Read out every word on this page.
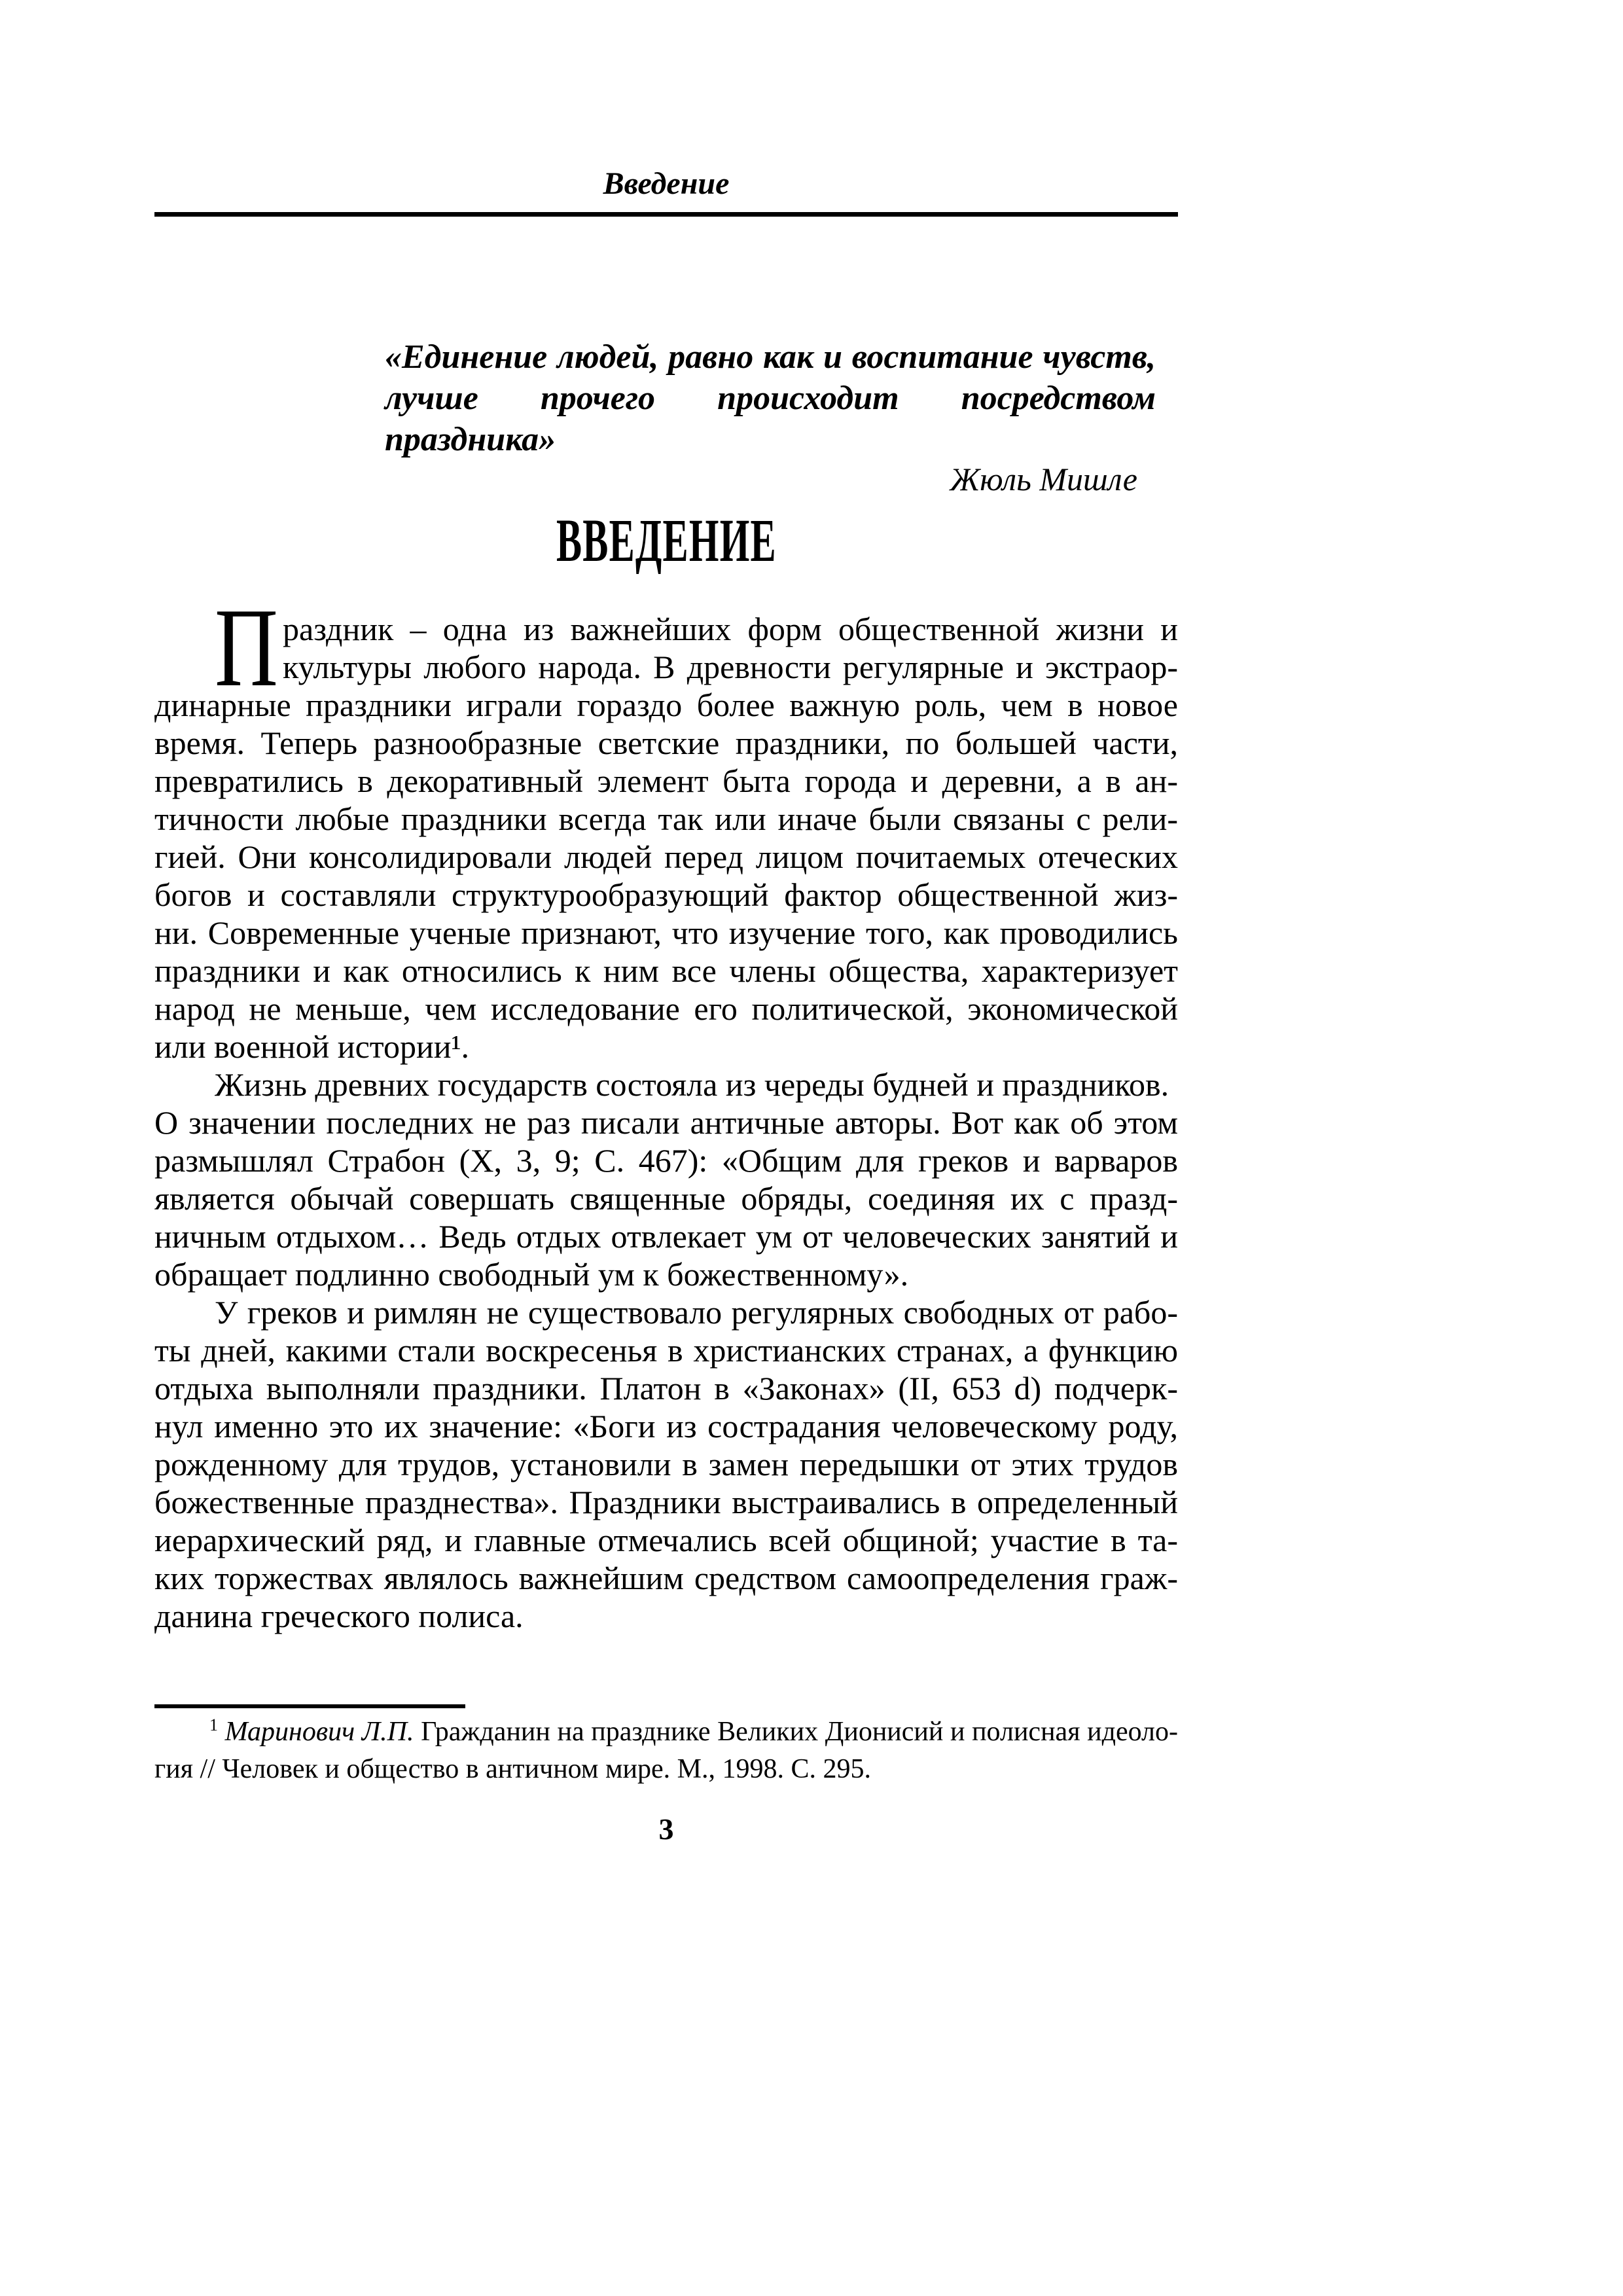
Введение
«Единение людей, равно как и воспитание чувств,
лучше прочего происходит посредством праздника»
Жюль Мишле
ВВЕДЕНИЕ
П раздник – одна из важнейших форм общественной жизни и
культуры любого народа. В древности регулярные и экстраор-
динарные праздники играли гораздо более важную роль, чем в новое
время. Теперь разнообразные светские праздники, по большей части,
превратились в декоративный элемент быта города и деревни, а в ан-
тичности любые праздники всегда так или иначе были связаны с рели-
гией. Они консолидировали людей перед лицом почитаемых отеческих
богов и составляли структурообразующий фактор общественной жиз-
ни. Современные ученые признают, что изучение того, как проводились
праздники и как относились к ним все члены общества, характеризует
народ не меньше, чем исследование его политической, экономической
или военной истории¹.
Жизнь древних государств состояла из череды будней и праздников.
О значении последних не раз писали античные авторы. Вот как об этом
размышлял Страбон (X, 3, 9; С. 467): «Общим для греков и варваров
является обычай совершать священные обряды, соединяя их с празд-
ничным отдыхом… Ведь отдых отвлекает ум от человеческих занятий и
обращает подлинно свободный ум к божественному».
У греков и римлян не существовало регулярных свободных от рабо-
ты дней, какими стали воскресенья в христианских странах, а функцию
отдыха выполняли праздники. Платон в «Законах» (II, 653 d) подчерк-
нул именно это их значение: «Боги из сострадания человеческому роду,
рожденному для трудов, установили в замен передышки от этих трудов
божественные празднества». Праздники выстраивались в определенный
иерархический ряд, и главные отмечались всей общиной; участие в та-
ких торжествах являлось важнейшим средством самоопределения граж-
данина греческого полиса.
$^1$ Маринович Л.П. Гражданин на празднике Великих Дионисий и полисная идеоло-
гия // Человек и общество в античном мире. М., 1998. С. 295.
3
